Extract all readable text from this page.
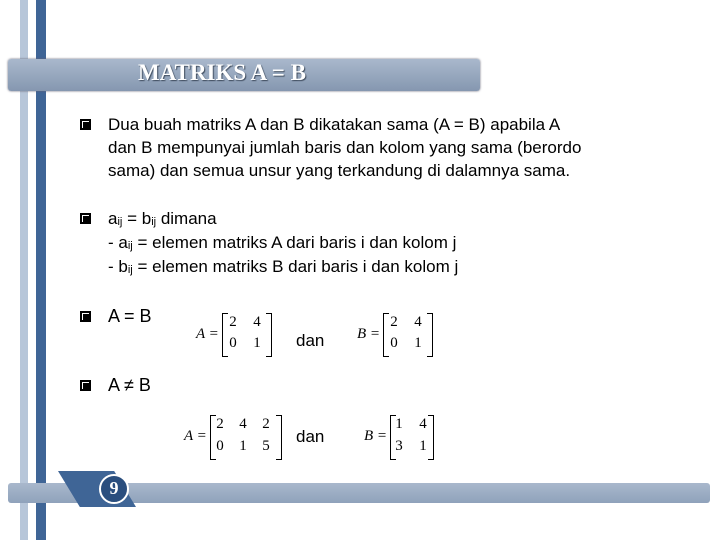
MATRIKS A = B
Dua buah matriks A dan B dikatakan sama (A = B) apabila A
dan B mempunyai jumlah baris dan kolom yang sama (berordo
sama) dan semua unsur yang terkandung di dalamnya sama.
$a_{ij} = b_{ij}$ dimana
- $a_{ij}$ = elemen matriks A dari baris i dan kolom j
- $b_{ij}$ = elemen matriks B dari baris i dan kolom j
A = B
A =
2 4
0 1 dan B =
2 4
0 1
A ≠ B
A =
2 4 2
0 1 5 dan	B =
1 4
3 1
9
